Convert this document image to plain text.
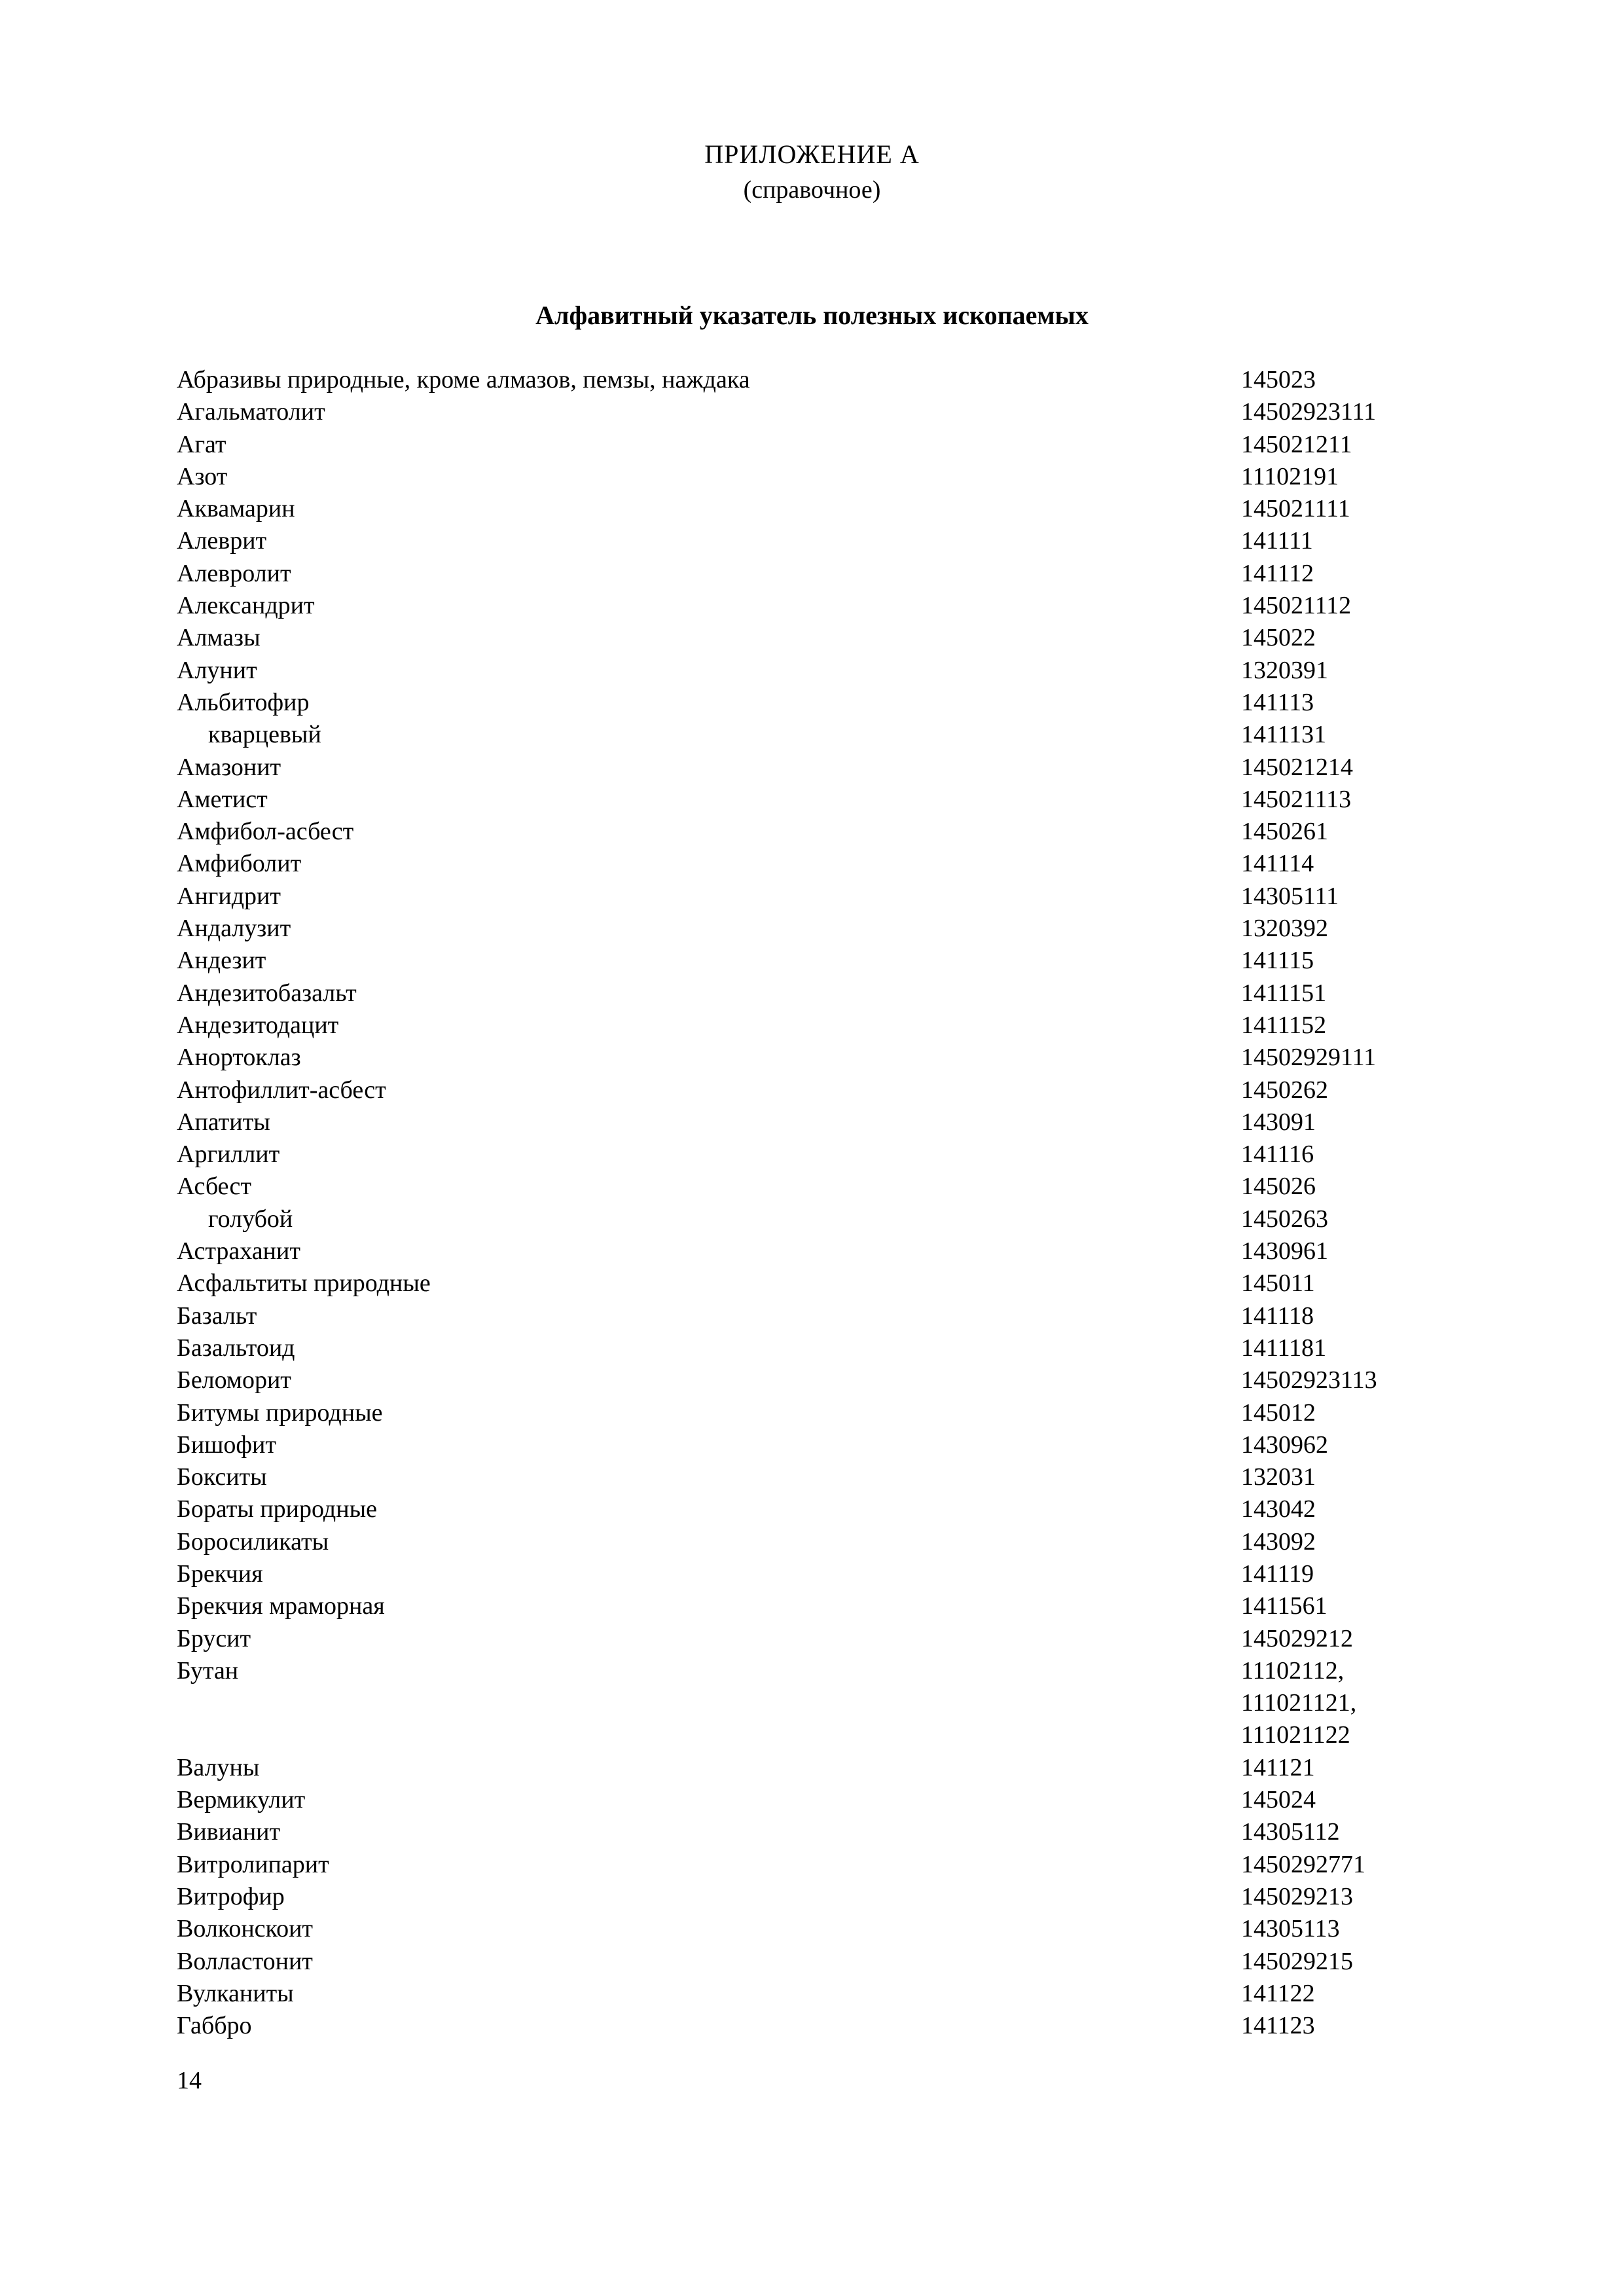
ПРИЛОЖЕНИЕ А
(справочное)
Алфавитный указатель полезных ископаемых
Абразивы природные, кроме алмазов, пемзы, наждака	145023
Агальматолит	14502923111
Агат	145021211
Азот	11102191
Аквамарин	145021111
Алеврит	141111
Алевролит	141112
Александрит	145021112
Алмазы	145022
Алунит	1320391
Альбитофир	141113
кварцевый	1411131
Амазонит	145021214
Аметист	145021113
Амфибол-асбест	1450261
Амфиболит	141114
Ангидрит	14305111
Андалузит	1320392
Андезит	141115
Андезитобазальт	1411151
Андезитодацит	1411152
Анортоклаз	14502929111
Антофиллит-асбест	1450262
Апатиты	143091
Аргиллит	141116
Асбест	145026
голубой	1450263
Астраханит	1430961
Асфальтиты природные	145011
Базальт	141118
Базальтоид	1411181
Беломорит	14502923113
Битумы природные	145012
Бишофит	1430962
Бокситы	132031
Бораты природные	143042
Боросиликаты	143092
Брекчия	141119
Брекчия мраморная	1411561
Брусит	145029212
Бутан	11102112,
111021121,
111021122
Валуны	141121
Вермикулит	145024
Вивианит	14305112
Витролипарит	1450292771
Витрофир	145029213
Волконскоит	14305113
Волластонит	145029215
Вулканиты	141122
Габбро	141123
14
